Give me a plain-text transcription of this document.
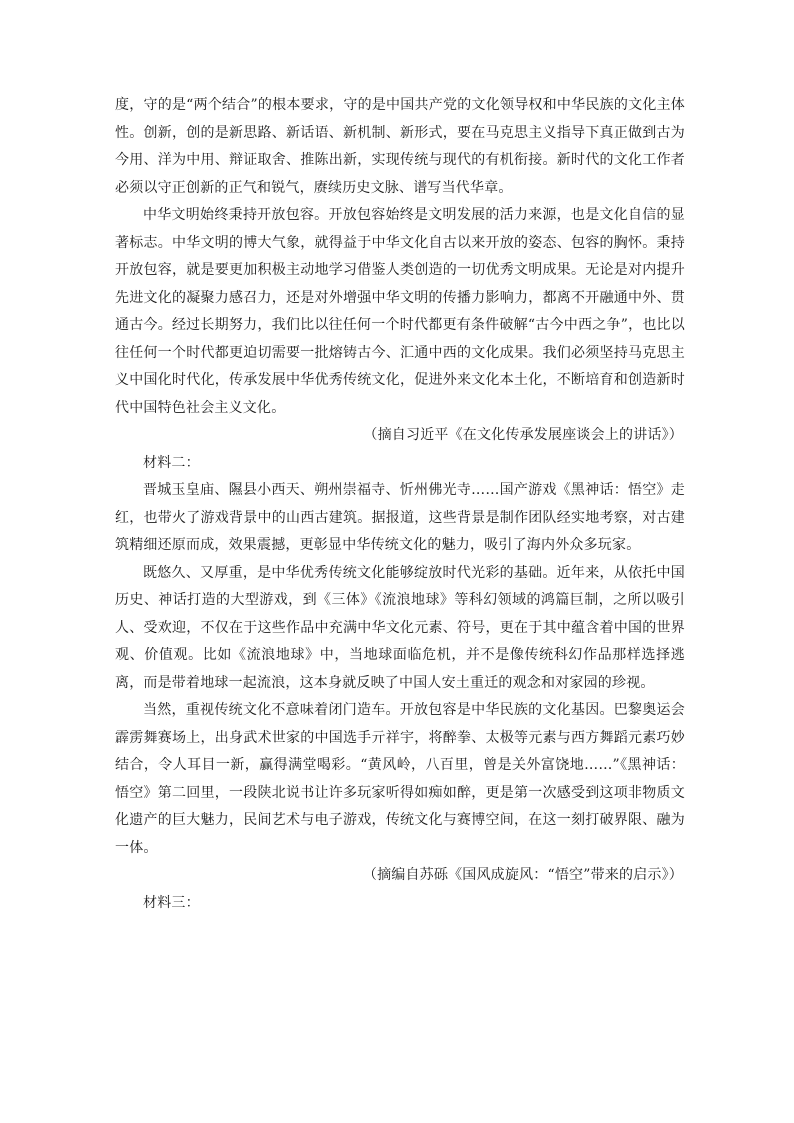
度，守的是“两个结合”的根本要求，守的是中国共产党的文化领导权和中华民族的文化主体性。创新，创的是新思路、新话语、新机制、新形式，要在马克思主义指导下真正做到古为今用、洋为中用、辩证取舍、推陈出新，实现传统与现代的有机衔接。新时代的文化工作者必须以守正创新的正气和锐气，赓续历史文脉、谱写当代华章。

中华文明始终秉持开放包容。开放包容始终是文明发展的活力来源，也是文化自信的显著标志。中华文明的博大气象，就得益于中华文化自古以来开放的姿态、包容的胸怀。秉持开放包容，就是要更加积极主动地学习借鉴人类创造的一切优秀文明成果。无论是对内提升先进文化的凝聚力感召力，还是对外增强中华文明的传播力影响力，都离不开融通中外、贯通古今。经过长期努力，我们比以往任何一个时代都更有条件破解“古今中西之争”，也比以往任何一个时代都更迫切需要一批熔铸古今、汇通中西的文化成果。我们必须坚持马克思主义中国化时代化，传承发展中华优秀传统文化，促进外来文化本土化，不断培育和创造新时代中国特色社会主义文化。

（摘自习近平《在文化传承发展座谈会上的讲话》）

材料二：

晋城玉皇庙、隰县小西天、朔州崇福寺、忻州佛光寺……国产游戏《黑神话：悟空》走红，也带火了游戏背景中的山西古建筑。据报道，这些背景是制作团队经实地考察，对古建筑精细还原而成，效果震撼，更彰显中华传统文化的魅力，吸引了海内外众多玩家。

既悠久、又厚重，是中华优秀传统文化能够绽放时代光彩的基础。近年来，从依托中国历史、神话打造的大型游戏，到《三体》《流浪地球》等科幻领域的鸿篇巨制，之所以吸引人、受欢迎，不仅在于这些作品中充满中华文化元素、符号，更在于其中蕴含着中国的世界观、价值观。比如《流浪地球》中，当地球面临危机，并不是像传统科幻作品那样选择逃离，而是带着地球一起流浪，这本身就反映了中国人安土重迁的观念和对家园的珍视。

当然，重视传统文化不意味着闭门造车。开放包容是中华民族的文化基因。巴黎奥运会霹雳舞赛场上，出身武术世家的中国选手亓祥宇，将醉拳、太极等元素与西方舞蹈元素巧妙结合，令人耳目一新，赢得满堂喝彩。“黄风岭，八百里，曾是关外富饶地……”《黑神话：悟空》第二回里，一段陕北说书让许多玩家听得如痴如醉，更是第一次感受到这项非物质文化遗产的巨大魅力，民间艺术与电子游戏，传统文化与赛博空间，在这一刻打破界限、融为一体。

（摘编自苏砾《国风成旋风：“悟空”带来的启示》）

材料三：
